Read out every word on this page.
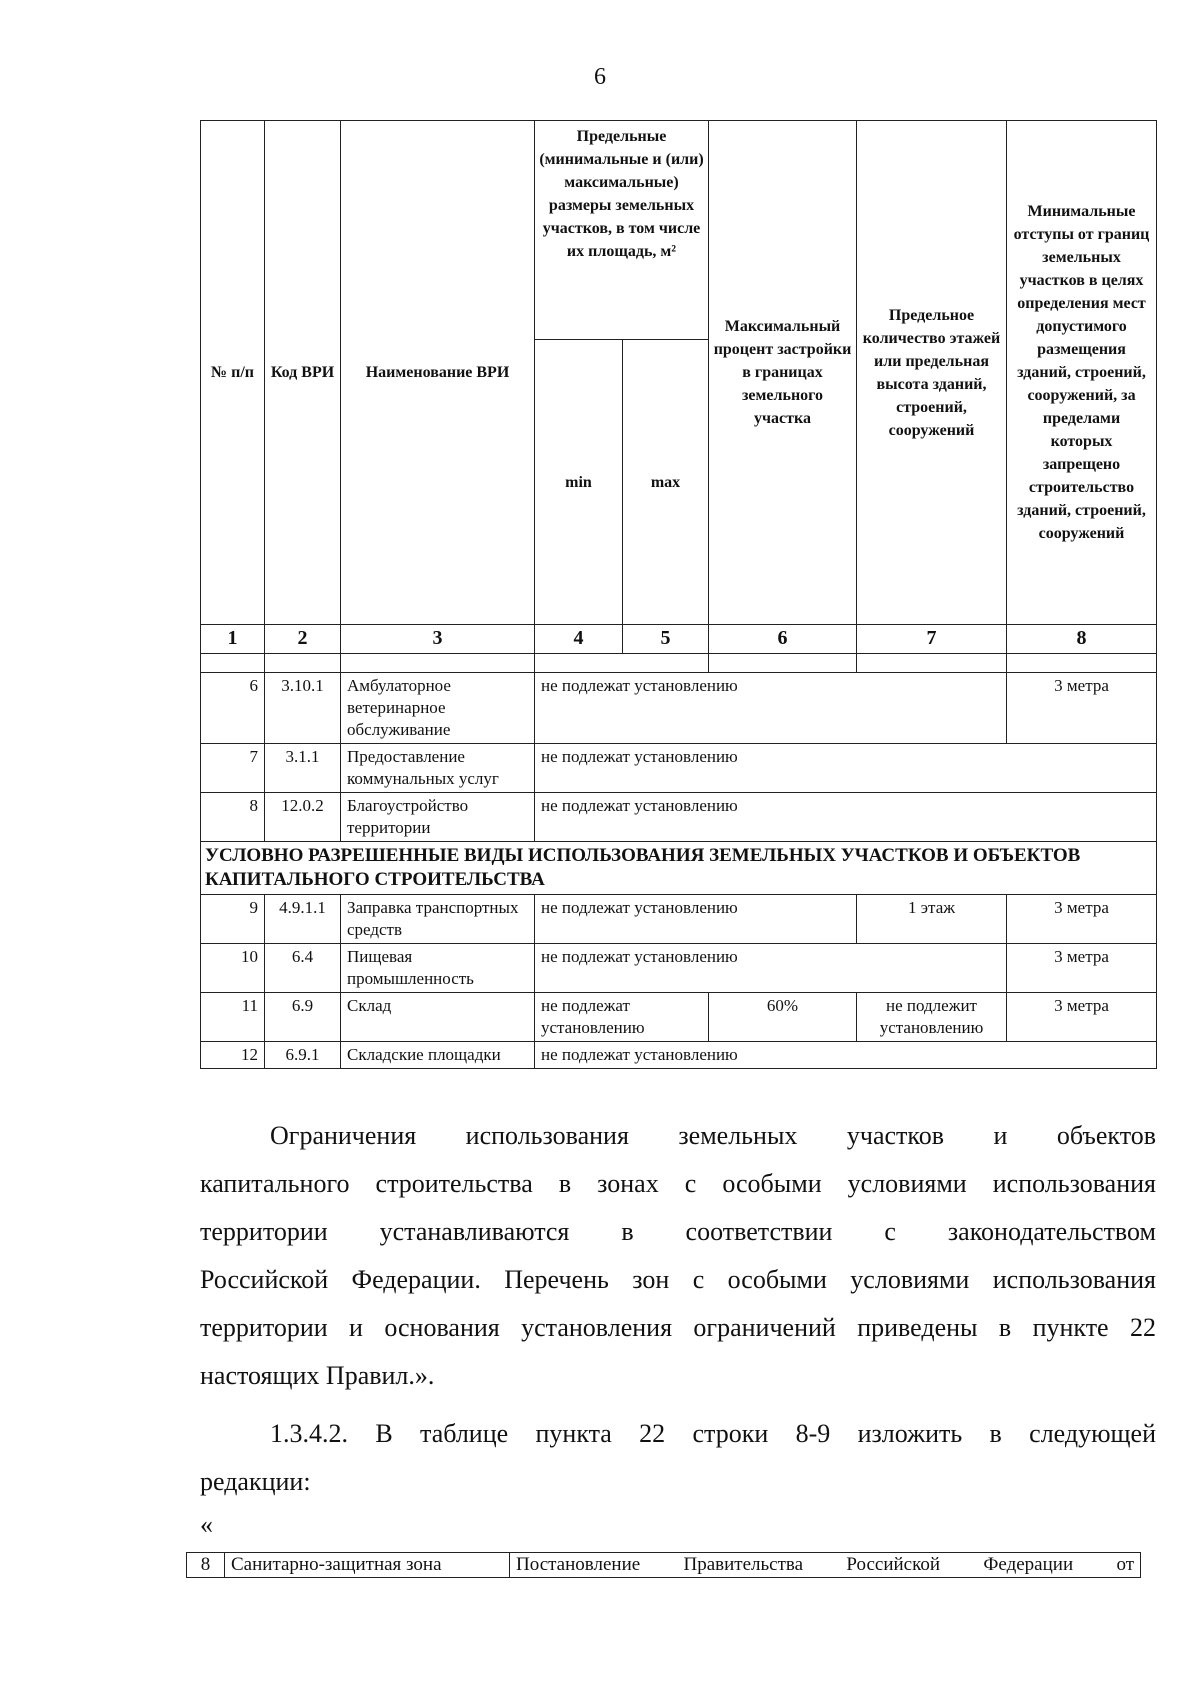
6
№ п/п	Код ВРИ	Наименование ВРИ	Предельные (минимальные и (или) максимальные) размеры земельных участков, в том числе их площадь, м²		Максимальный процент застройки в границах земельного участка	Предельное количество этажей или предельная высота зданий, строений, сооружений	Минимальные отступы от границ земельных участков в целях определения мест допустимого размещения зданий, строений, сооружений, за пределами которых запрещено строительство зданий, строений, сооружений
			min	max			
1	2	3	4	5	6	7	8

6	3.10.1	Амбулаторное ветеринарное обслуживание	не подлежат установлению				3 метра
7	3.1.1	Предоставление коммунальных услуг	не подлежат установлению				
8	12.0.2	Благоустройство территории	не подлежат установлению				
УСЛОВНО РАЗРЕШЕННЫЕ ВИДЫ ИСПОЛЬЗОВАНИЯ ЗЕМЕЛЬНЫХ УЧАСТКОВ И ОБЪЕКТОВ КАПИТАЛЬНОГО СТРОИТЕЛЬСТВА							
9	4.9.1.1	Заправка транспортных средств	не подлежат установлению			1 этаж	3 метра
10	6.4	Пищевая промышленность	не подлежат установлению				3 метра
11	6.9	Склад	не подлежат установлению		60%	не подлежит установлению	3 метра
12	6.9.1	Складские площадки	не подлежат установлению				

Ограничения использования земельных участков и объектов

капитального строительства в зонах с особыми условиями использования

территории устанавливаются в соответствии с законодательством

Российской Федерации. Перечень зон с особыми условиями использования

территории и основания установления ограничений приведены в пункте 22

настоящих Правил.».

1.3.4.2. В таблице пункта 22 строки 8-9 изложить в следующей

редакции:

«
8	Санитарно-защитная зона	Постановление Правительства Российской Федерации от
